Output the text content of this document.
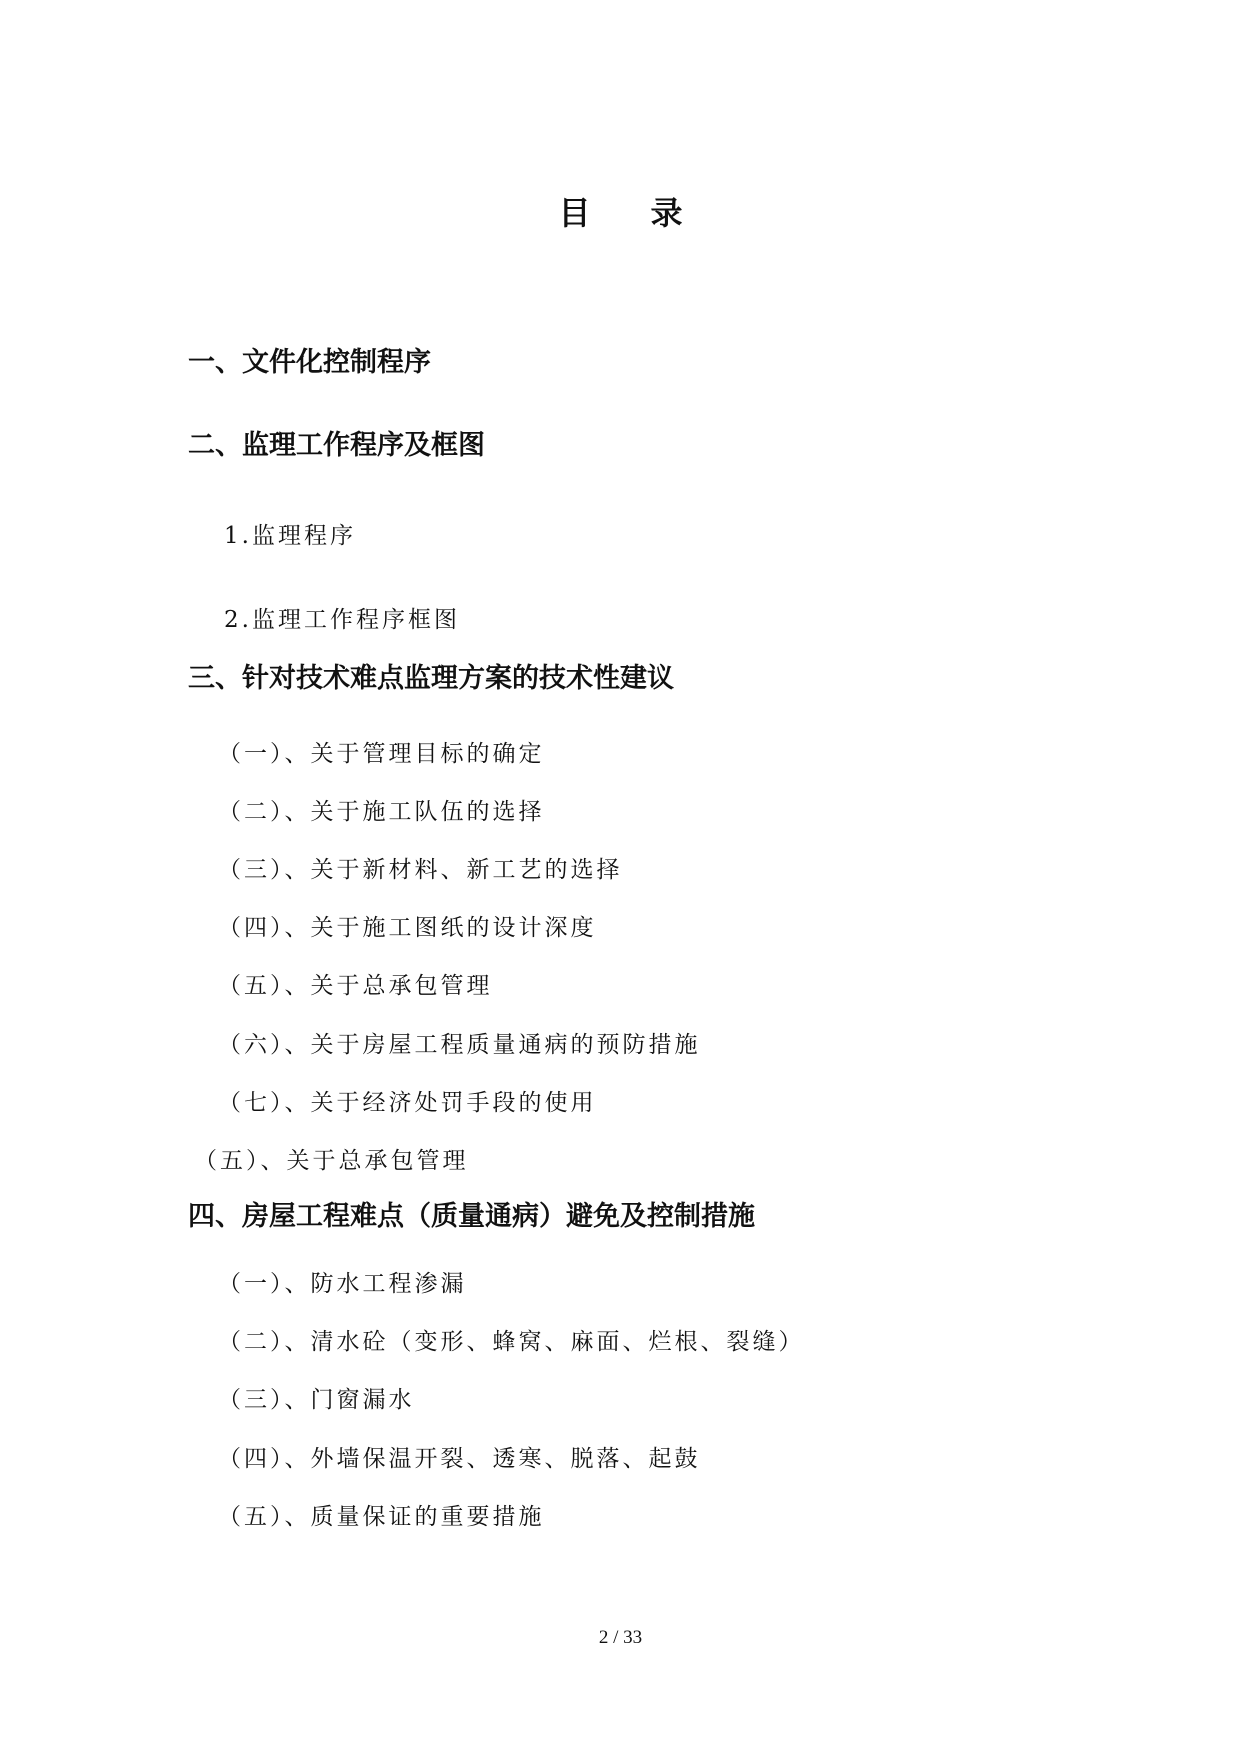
目录
一、文件化控制程序
二、监理工作程序及框图
1.监理程序
2.监理工作程序框图
三、针对技术难点监理方案的技术性建议
（一）、关于管理目标的确定
（二）、关于施工队伍的选择
（三）、关于新材料、新工艺的选择
（四）、关于施工图纸的设计深度
（五）、关于总承包管理
（六）、关于房屋工程质量通病的预防措施
（七）、关于经济处罚手段的使用
（五）、关于总承包管理
四、房屋工程难点（质量通病）避免及控制措施
（一）、防水工程渗漏
（二）、清水砼（变形、蜂窝、麻面、烂根、裂缝）
（三）、门窗漏水
（四）、外墙保温开裂、透寒、脱落、起鼓
（五）、质量保证的重要措施
2 / 33
